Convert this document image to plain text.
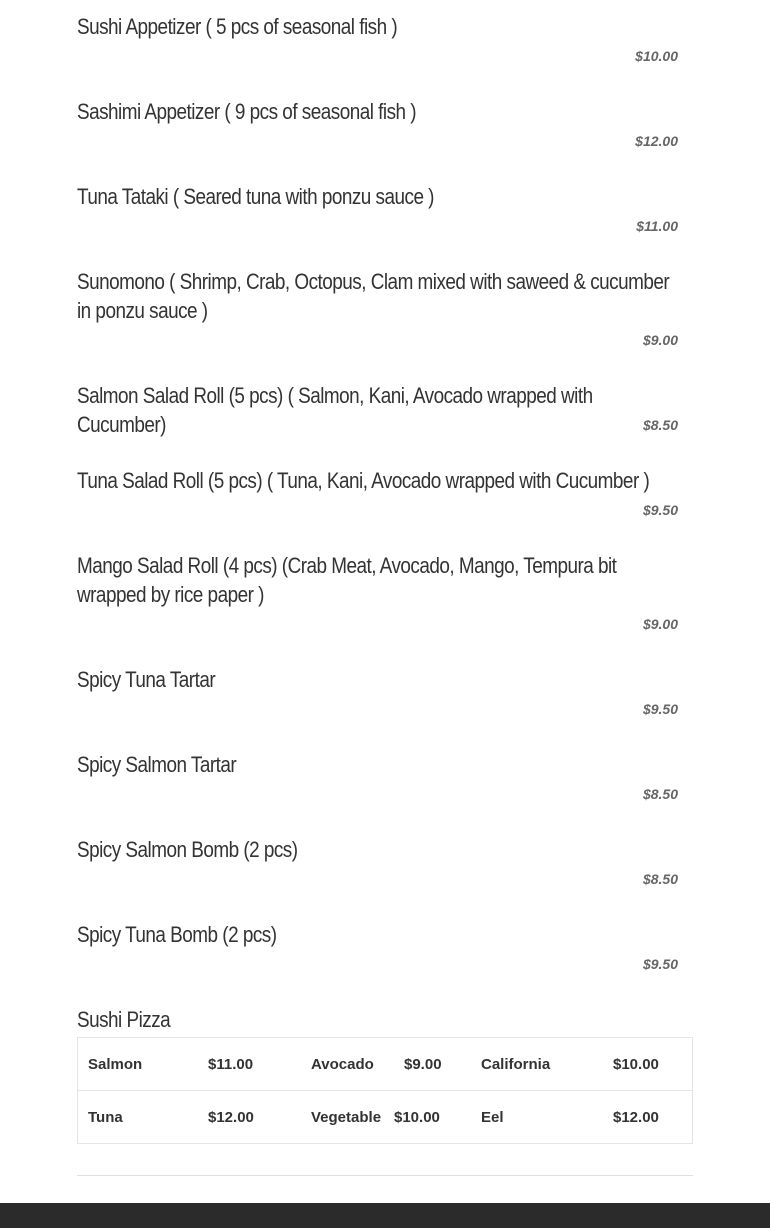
Sushi Appetizer ( 5 pcs of seasonal fish )
$10.00
Sashimi Appetizer ( 9 pcs of seasonal fish )
$12.00
Tuna Tataki ( Seared tuna with ponzu sauce )
$11.00
Sunomono ( Shrimp, Crab, Octopus, Clam mixed with saweed & cucumber in ponzu sauce )
$9.00
Salmon Salad Roll (5 pcs) ( Salmon, Kani, Avocado wrapped with Cucumber)	$8.50
Tuna Salad Roll (5 pcs) ( Tuna, Kani, Avocado wrapped with Cucumber )
$9.50
Mango Salad Roll (4 pcs) (Crab Meat, Avocado, Mango, Tempura bit wrapped by rice paper )
$9.00
Spicy Tuna Tartar
$9.50
Spicy Salmon Tartar
$8.50
Spicy Salmon Bomb (2 pcs)
$8.50
Spicy Tuna Bomb (2 pcs)
$9.50
Sushi Pizza
Salmon	$11.00	Avocado	$9.00	California	$10.00
Tuna	$12.00	Vegetable	$10.00	Eel	$12.00
